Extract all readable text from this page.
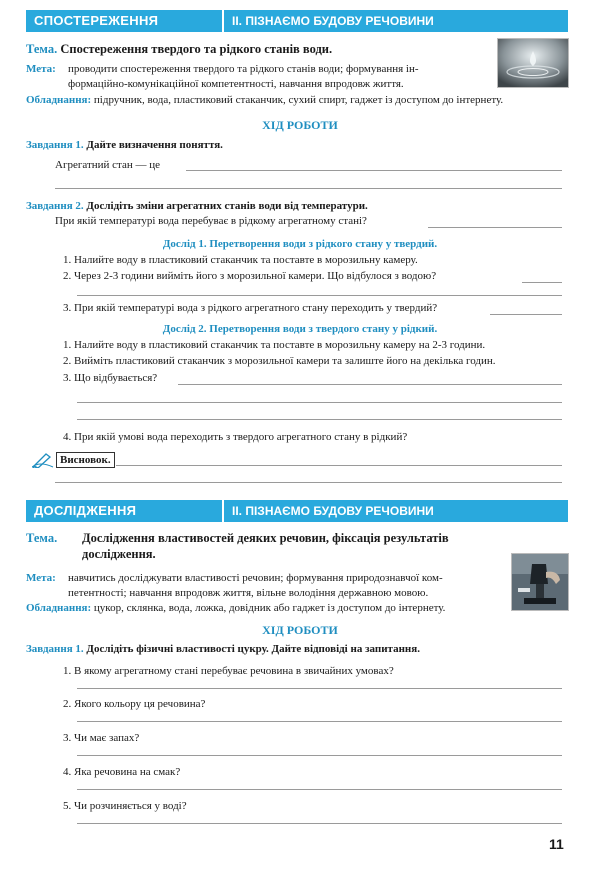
СПОСТЕРЕЖЕННЯ	ІІ. ПІЗНАЄМО БУДОВУ РЕЧОВИНИ
Тема. Спостереження твердого та рідкого станів води.
Мета: проводити спостереження твердого та рідкого станів води; формування ін-
формаційно-комунікаційної компетентності, навчання впродовж життя.
Обладнання: підручник, вода, пластиковий стаканчик, сухий спирт, гаджет із доступом до інтернету.
ХІД РОБОТИ
Завдання 1. Дайте визначення поняття.
Агрегатний стан — це
Завдання 2. Дослідіть зміни агрегатних станів води від температури.
При якій температурі вода перебуває в рідкому агрегатному стані?
Дослід 1. Перетворення води з рідкого стану у твердий.
1. Налийте воду в пластиковий стаканчик та поставте в морозильну камеру.
2. Через 2-3 години вийміть його з морозильної камери. Що відбулося з водою?
3. При якій температурі вода з рідкого агрегатного стану переходить у твердий?
Дослід 2. Перетворення води з твердого стану у рідкий.
1. Налийте воду в пластиковий стаканчик та поставте в морозильну камеру на 2-3 години.
2. Вийміть пластиковий стаканчик з морозильної камери та залиште його на декілька годин.
3. Що відбувається?
4. При якій умові вода переходить з твердого агрегатного стану в рідкий?
Висновок.
ДОСЛІДЖЕННЯ	ІІ. ПІЗНАЄМО БУДОВУ РЕЧОВИНИ
Тема. Дослідження властивостей деяких речовин, фіксація результатів
дослідження.
Мета: навчитись досліджувати властивості речовин; формування природознавчої ком-
петентності; навчання впродовж життя, вільне володіння державною мовою.
Обладнання: цукор, склянка, вода, ложка, довідник або гаджет із доступом до інтернету.
ХІД РОБОТИ
Завдання 1. Дослідіть фізичні властивості цукру. Дайте відповіді на запитання.
1. В якому агрегатному стані перебуває речовина в звичайних умовах?
2. Якого кольору ця речовина?
3. Чи має запах?
4. Яка речовина на смак?
5. Чи розчиняється у воді?
11
